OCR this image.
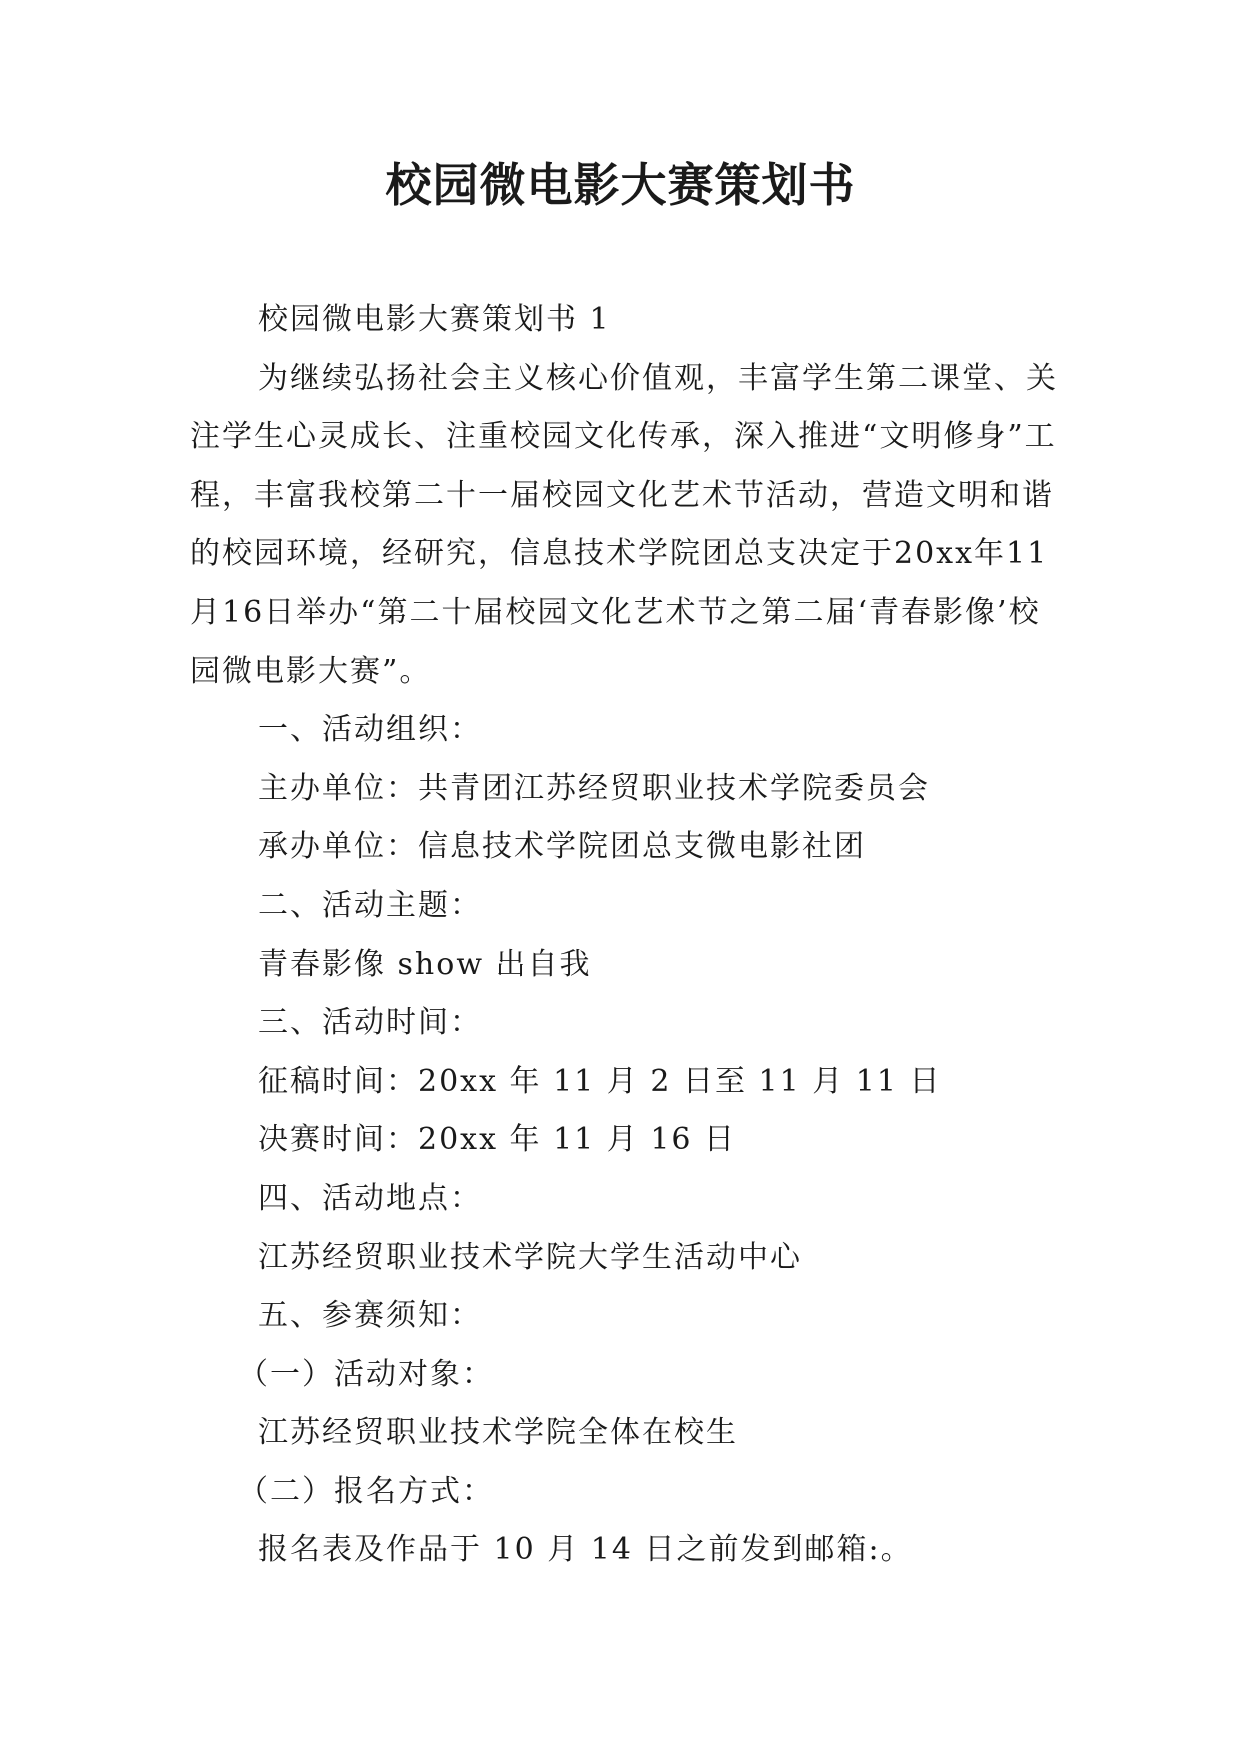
校园微电影大赛策划书

校园微电影大赛策划书 1

为继续弘扬社会主义核心价值观，丰富学生第二课堂、关注学生心灵成长、注重校园文化传承，深入推进“文明修身”工程，丰富我校第二十一届校园文化艺术节活动，营造文明和谐的校园环境，经研究，信息技术学院团总支决定于20xx年11月16日举办“第二十届校园文化艺术节之第二届‘青春影像’校园微电影大赛”。

一、活动组织：

主办单位：共青团江苏经贸职业技术学院委员会

承办单位：信息技术学院团总支微电影社团

二、活动主题：

青春影像 show 出自我

三、活动时间：

征稿时间：20xx 年 11 月 2 日至 11 月 11 日

决赛时间：20xx 年 11 月 16 日

四、活动地点：

江苏经贸职业技术学院大学生活动中心

五、参赛须知：

（一）活动对象：

江苏经贸职业技术学院全体在校生

（二）报名方式：

报名表及作品于 10 月 14 日之前发到邮箱:。
